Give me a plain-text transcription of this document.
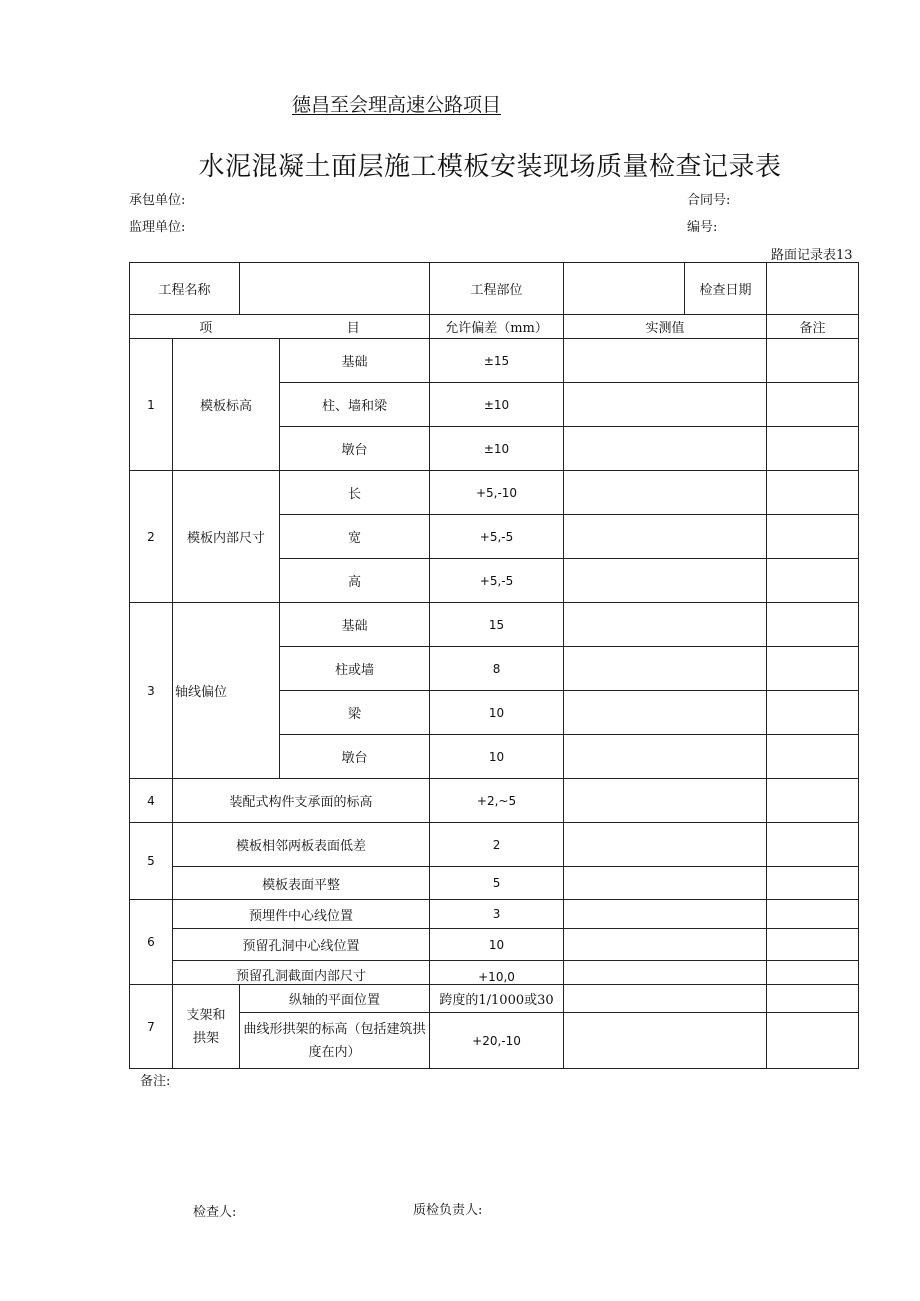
德昌至会理高速公路项目
水泥混凝土面层施工模板安装现场质量检查记录表
承包单位:	合同号:
监理单位:	编号:
路面记录表13
工程名称				工程部位		检查日期	

项 目				允许偏差（mm）	实测值		备注
1	模板标高		基础	±15			
			柱、墙和梁	±10			
			墩台	±10			
2	模板内部尺寸		长	+5,-10			
			宽	+5,-5			
			高	+5,-5			
3	轴线偏位		基础	15			
			柱或墙	8			
			梁	10			
			墩台	10			
4	装配式构件支承面的标高			+2,~5			
5	模板相邻两板表面低差			2			
	模板表面平整			5			
6	预埋件中心线位置			3			
	预留孔洞中心线位置			10			
	预留孔洞截面内部尺寸			+10,0			
7	支架和拱架	纵轴的平面位置		跨度的1/1000或30			
		曲线形拱架的标高（包括建筑拱度在内）		+20,-10			
备注:
检查人:	质检负责人:
